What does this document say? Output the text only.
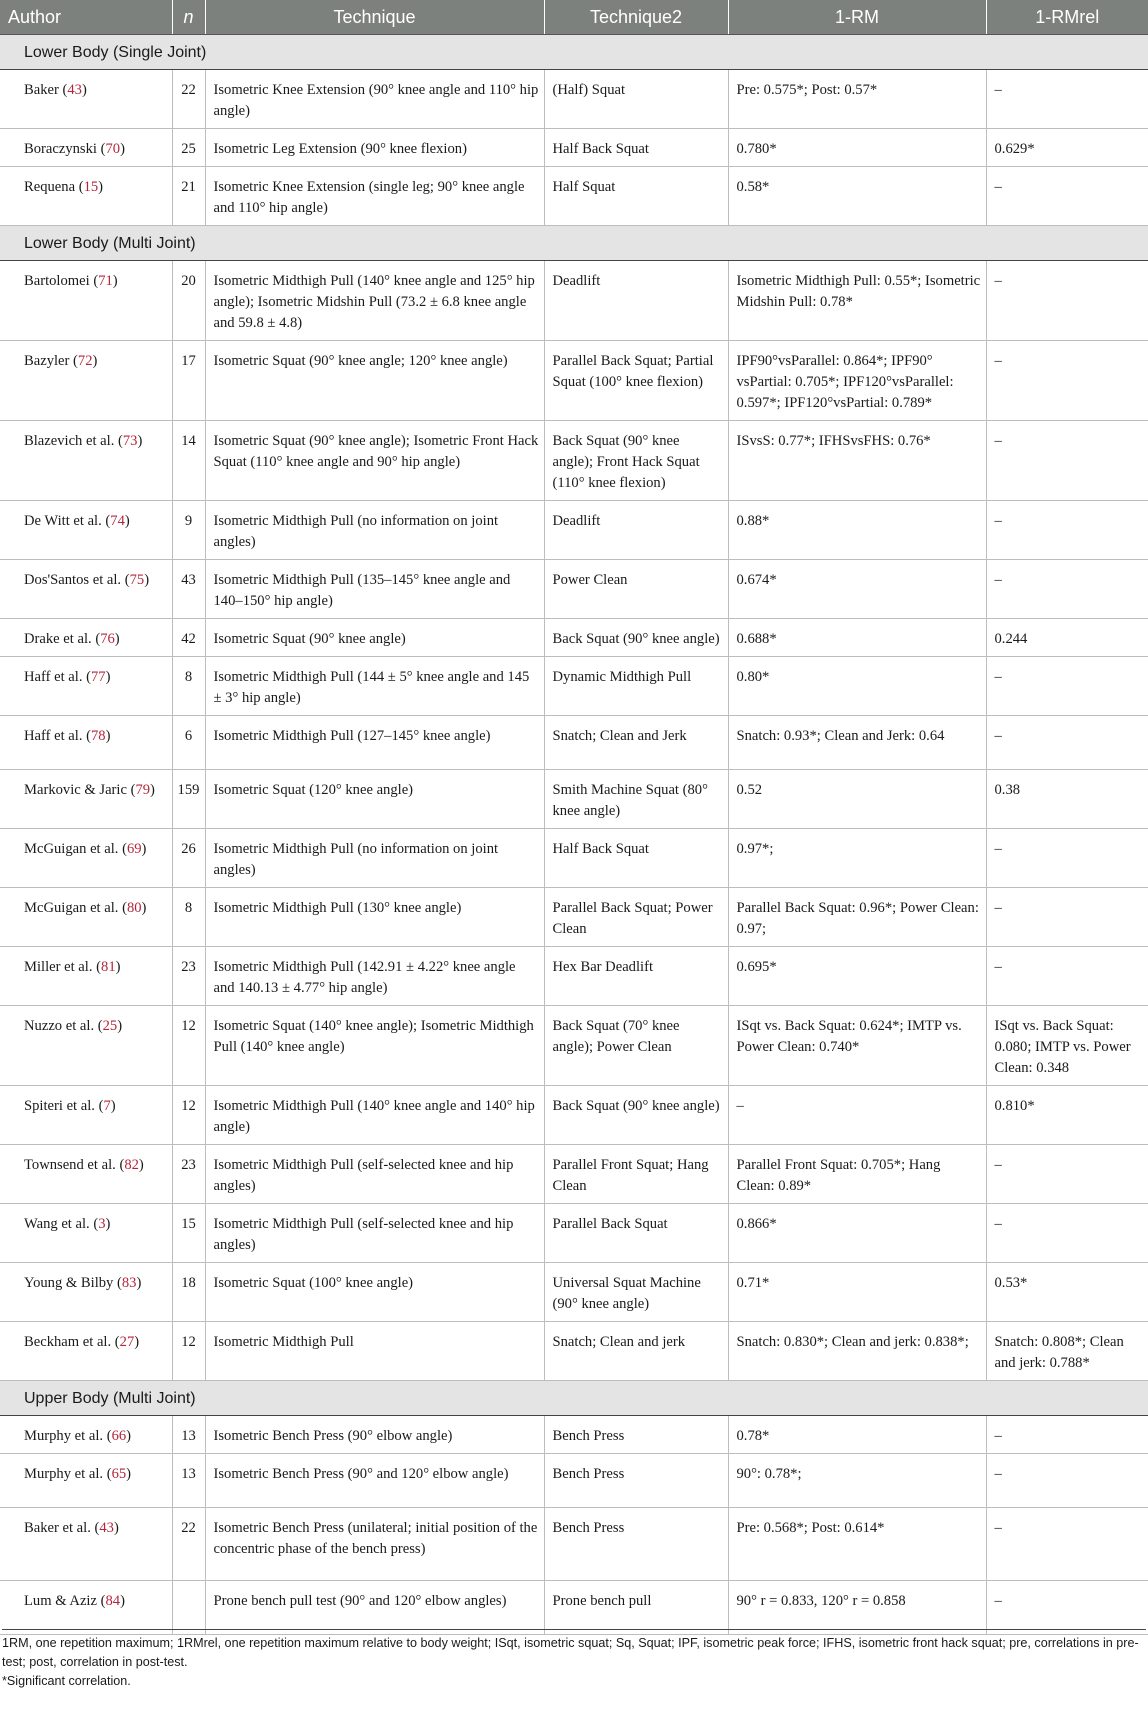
Author	n	Technique	Technique2	1-RM	1-RMrel
Lower Body (Single Joint)					
Baker (43)	22	Isometric Knee Extension (90° knee angle and 110° hip angle)	(Half) Squat	Pre: 0.575*; Post: 0.57*	–
Boraczynski (70)	25	Isometric Leg Extension (90° knee flexion)	Half Back Squat	0.780*	0.629*
Requena (15)	21	Isometric Knee Extension (single leg; 90° knee angle and 110° hip angle)	Half Squat	0.58*	–
Lower Body (Multi Joint)					
Bartolomei (71)	20	Isometric Midthigh Pull (140° knee angle and 125° hip angle); Isometric Midshin Pull (73.2 ± 6.8 knee angle and 59.8 ± 4.8)	Deadlift	Isometric Midthigh Pull: 0.55*; Isometric Midshin Pull: 0.78*	–
Bazyler (72)	17	Isometric Squat (90° knee angle; 120° knee angle)	Parallel Back Squat; Partial Squat (100° knee flexion)	IPF90°vsParallel: 0.864*; IPF90° vsPartial: 0.705*; IPF120°vsParallel: 0.597*; IPF120°vsPartial: 0.789*	–
Blazevich et al. (73)	14	Isometric Squat (90° knee angle); Isometric Front Hack Squat (110° knee angle and 90° hip angle)	Back Squat (90° knee angle); Front Hack Squat (110° knee flexion)	ISvsS: 0.77*; IFHSvsFHS: 0.76*	–
De Witt et al. (74)	9	Isometric Midthigh Pull (no information on joint angles)	Deadlift	0.88*	–
Dos'Santos et al. (75)	43	Isometric Midthigh Pull (135–145° knee angle and 140–150° hip angle)	Power Clean	0.674*	–
Drake et al. (76)	42	Isometric Squat (90° knee angle)	Back Squat (90° knee angle)	0.688*	0.244
Haff et al. (77)	8	Isometric Midthigh Pull (144 ± 5° knee angle and 145 ± 3° hip angle)	Dynamic Midthigh Pull	0.80*	–
Haff et al. (78)	6	Isometric Midthigh Pull (127–145° knee angle)	Snatch; Clean and Jerk	Snatch: 0.93*; Clean and Jerk: 0.64	–
Markovic & Jaric (79)	159	Isometric Squat (120° knee angle)	Smith Machine Squat (80° knee angle)	0.52	0.38
McGuigan et al. (69)	26	Isometric Midthigh Pull (no information on joint angles)	Half Back Squat	0.97*;	–
McGuigan et al. (80)	8	Isometric Midthigh Pull (130° knee angle)	Parallel Back Squat; Power Clean	Parallel Back Squat: 0.96*; Power Clean: 0.97;	–
Miller et al. (81)	23	Isometric Midthigh Pull (142.91 ± 4.22° knee angle and 140.13 ± 4.77° hip angle)	Hex Bar Deadlift	0.695*	–
Nuzzo et al. (25)	12	Isometric Squat (140° knee angle); Isometric Midthigh Pull (140° knee angle)	Back Squat (70° knee angle); Power Clean	ISqt vs. Back Squat: 0.624*; IMTP vs. Power Clean: 0.740*	ISqt vs. Back Squat: 0.080; IMTP vs. Power Clean: 0.348
Spiteri et al. (7)	12	Isometric Midthigh Pull (140° knee angle and 140° hip angle)	Back Squat (90° knee angle)	–	0.810*
Townsend et al. (82)	23	Isometric Midthigh Pull (self-selected knee and hip angles)	Parallel Front Squat; Hang Clean	Parallel Front Squat: 0.705*; Hang Clean: 0.89*	–
Wang et al. (3)	15	Isometric Midthigh Pull (self-selected knee and hip angles)	Parallel Back Squat	0.866*	–
Young & Bilby (83)	18	Isometric Squat (100° knee angle)	Universal Squat Machine (90° knee angle)	0.71*	0.53*
Beckham et al. (27)	12	Isometric Midthigh Pull	Snatch; Clean and jerk	Snatch: 0.830*; Clean and jerk: 0.838*;	Snatch: 0.808*; Clean and jerk: 0.788*
Upper Body (Multi Joint)					
Murphy et al. (66)	13	Isometric Bench Press (90° elbow angle)	Bench Press	0.78*	–
Murphy et al. (65)	13	Isometric Bench Press (90° and 120° elbow angle)	Bench Press	90°: 0.78*;	–
Baker et al. (43)	22	Isometric Bench Press (unilateral; initial position of the concentric phase of the bench press)	Bench Press	Pre: 0.568*; Post: 0.614*	–
Lum & Aziz (84)		Prone bench pull test (90° and 120° elbow angles)	Prone bench pull	90° r = 0.833, 120° r = 0.858	–
1RM, one repetition maximum; 1RMrel, one repetition maximum relative to body weight; ISqt, isometric squat; Sq, Squat; IPF, isometric peak force; IFHS, isometric front hack squat; pre, correlations in pre-test; post, correlation in post-test.
*Significant correlation.
